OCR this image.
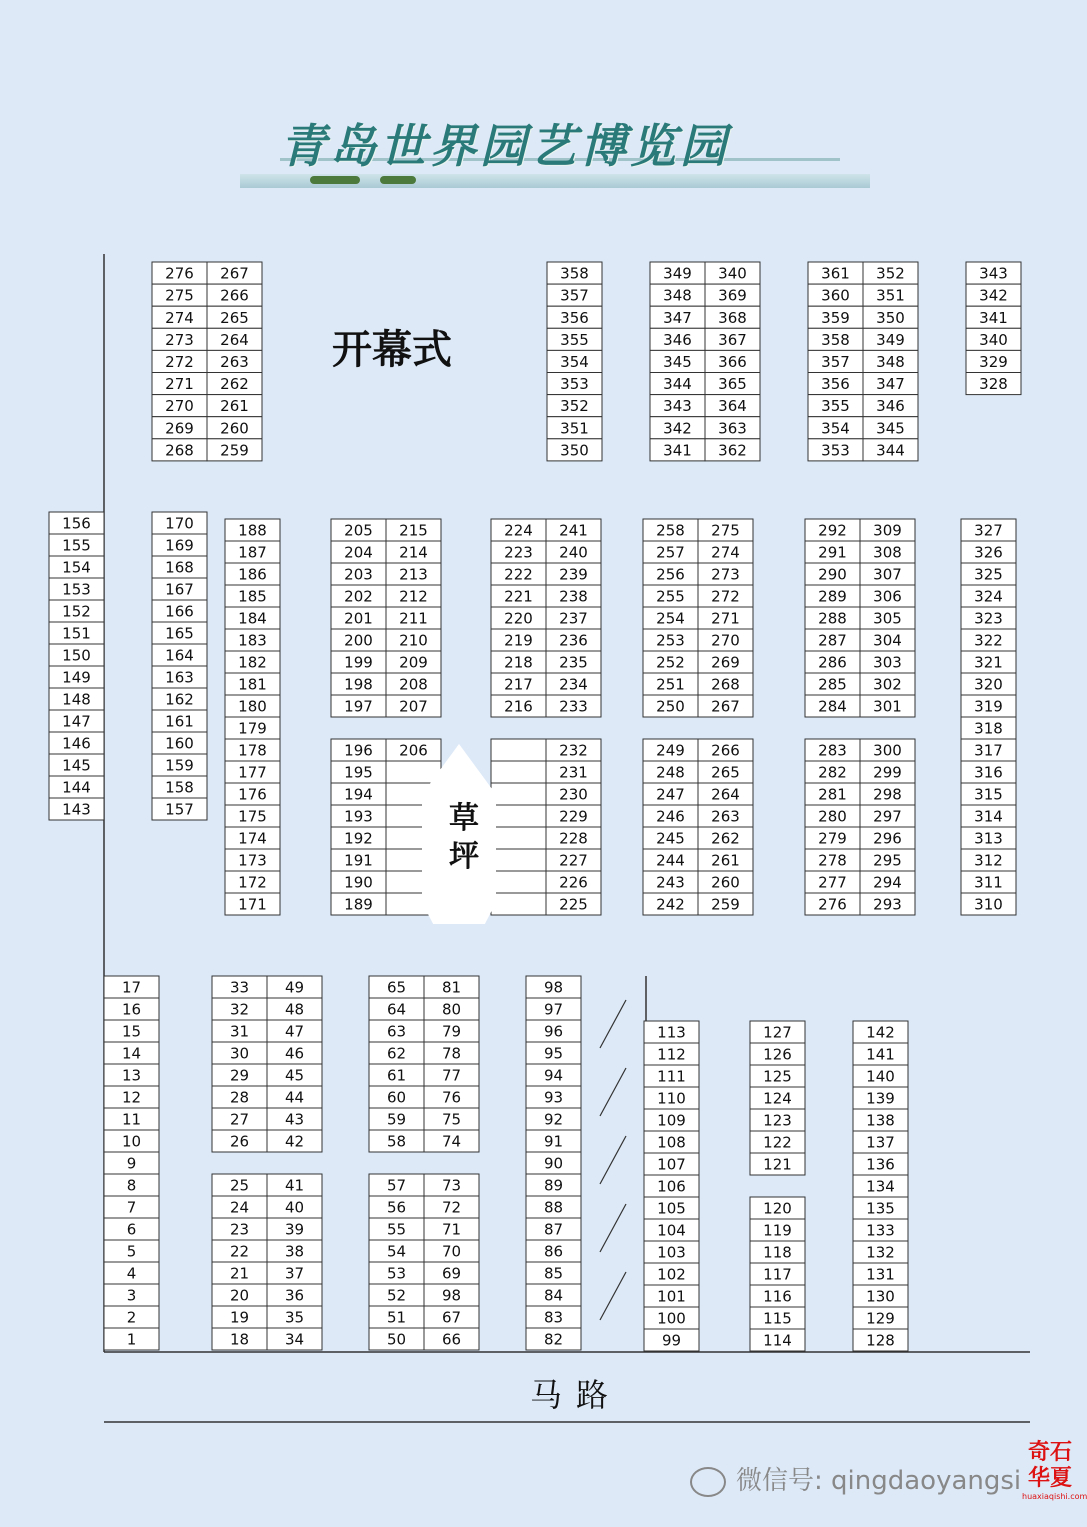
青岛世界园艺博览园
156
155
154
153
152
151
150
149
148
147
146
145
144
143
276
275
274
273
272
271
270
269
268
267
266
265
264
263
262
261
260
259
170
169
168
167
166
165
164
163
162
161
160
159
158
157
188
187
186
185
184
183
182
181
180
179
178
177
176
175
174
173
172
171
358
357
356
355
354
353
352
351
350
349
348
347
346
345
344
343
342
341
340
369
368
367
366
365
364
363
362
361
360
359
358
357
356
355
354
353
352
351
350
349
348
347
346
345
344
343
342
341
340
329
328
205
204
203
202
201
200
199
198
197
215
214
213
212
211
210
209
208
207
196
195
194
193
192
191
190
189
206
224
223
222
221
220
219
218
217
216
241
240
239
238
237
236
235
234
233
232
231
230
229
228
227
226
225
258
257
256
255
254
253
252
251
250
275
274
273
272
271
270
269
268
267
249
248
247
246
245
244
243
242
266
265
264
263
262
261
260
259
292
291
290
289
288
287
286
285
284
309
308
307
306
305
304
303
302
301
283
282
281
280
279
278
277
276
300
299
298
297
296
295
294
293
327
326
325
324
323
322
321
320
319
318
317
316
315
314
313
312
311
310
17
16
15
14
13
12
11
10
9
8
7
6
5
4
3
2
1
33
32
31
30
29
28
27
26
49
48
47
46
45
44
43
42
25
24
23
22
21
20
19
18
41
40
39
38
37
36
35
34
65
64
63
62
61
60
59
58
81
80
79
78
77
76
75
74
57
56
55
54
53
52
51
50
73
72
71
70
69
98
67
66
98
97
96
95
94
93
92
91
90
89
88
87
86
85
84
83
82
113
112
111
110
109
108
107
106
105
104
103
102
101
100
99
127
126
125
124
123
122
121
120
119
118
117
116
115
114
142
141
140
139
138
137
136
134
135
133
132
131
130
129
128
草坪
开幕式
马路
微信号: qingdaoyangsi
奇石华夏
huaxiaqishi.com
